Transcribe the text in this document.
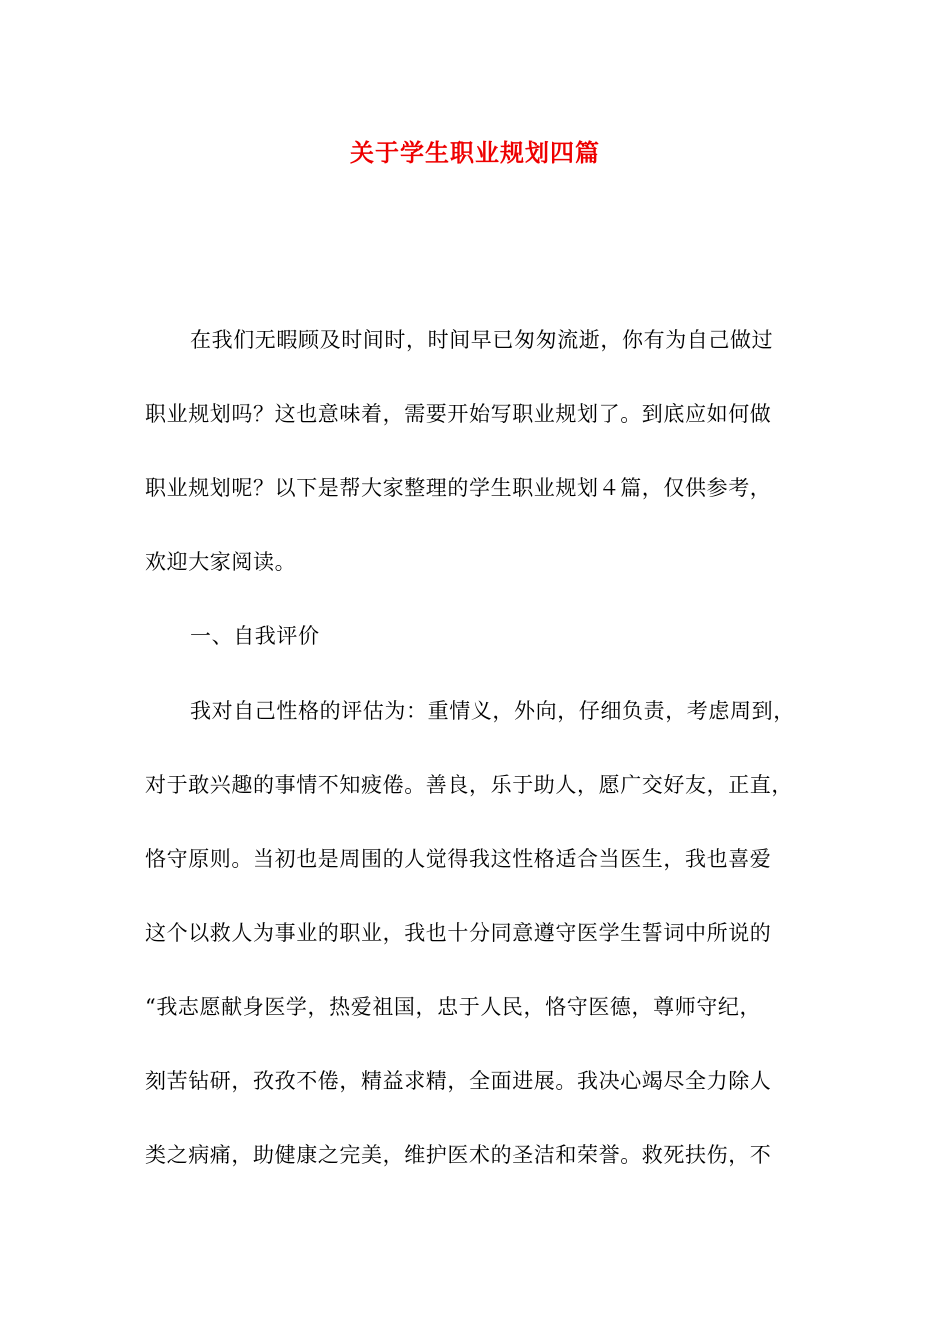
关于学生职业规划四篇
在我们无暇顾及时间时，时间早已匆匆流逝，你有为自己做过
职业规划吗？这也意味着，需要开始写职业规划了。到底应如何做
职业规划呢？以下是帮大家整理的学生职业规划４篇，仅供参考，
欢迎大家阅读。
一、自我评价
我对自己性格的评估为：重情义，外向，仔细负责，考虑周到，
对于敢兴趣的事情不知疲倦。善良，乐于助人，愿广交好友，正直，
恪守原则。当初也是周围的人觉得我这性格适合当医生，我也喜爱
这个以救人为事业的职业，我也十分同意遵守医学生誓词中所说的
“我志愿献身医学，热爱祖国，忠于人民，恪守医德，尊师守纪，
刻苦钻研，孜孜不倦，精益求精，全面进展。我决心竭尽全力除人
类之病痛，助健康之完美，维护医术的圣洁和荣誉。救死扶伤，不
